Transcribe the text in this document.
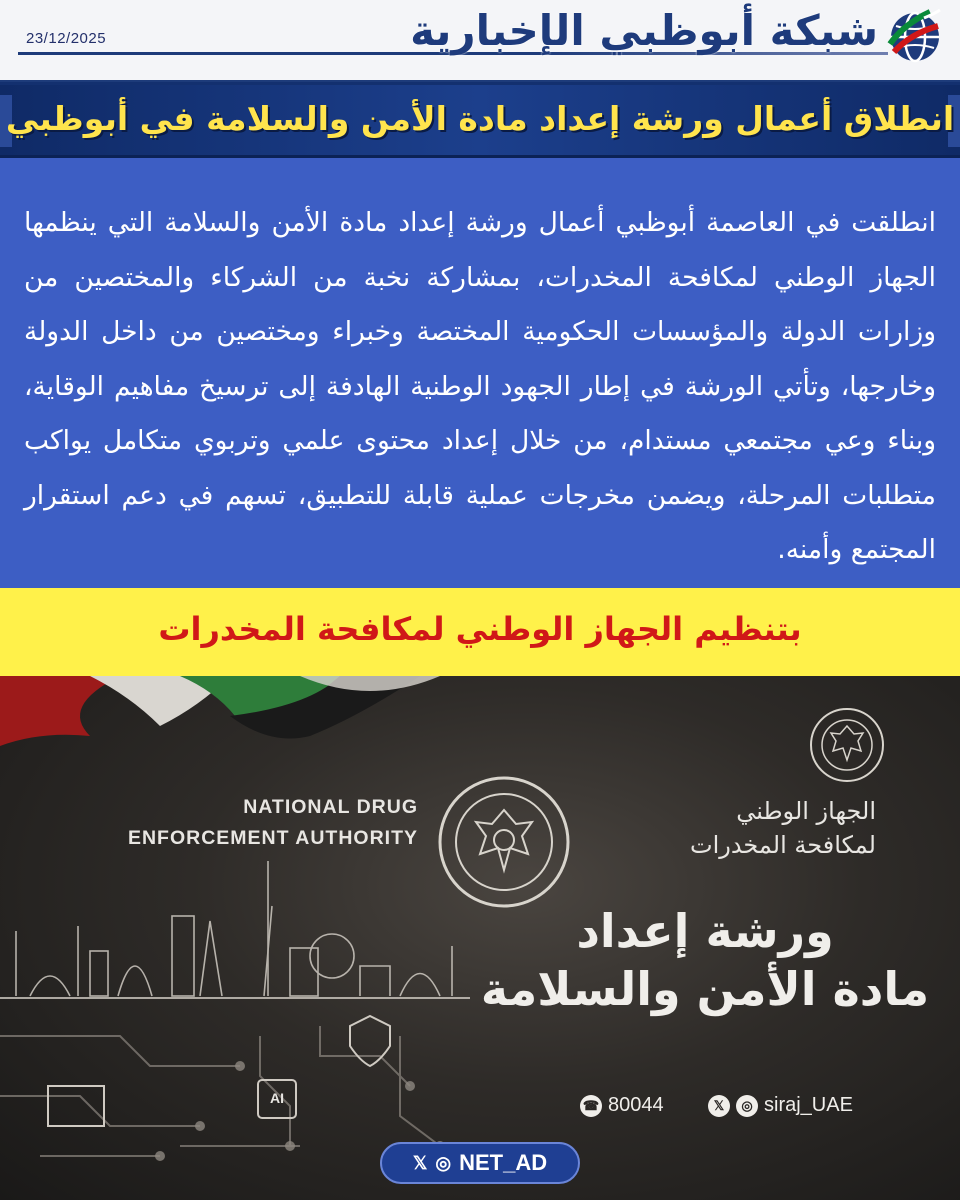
23/12/2025	شبكة أبوظبي الإخبارية
انطلاق أعمال ورشة إعداد مادة الأمن والسلامة في أبوظبي
انطلقت في العاصمة أبوظبي أعمال ورشة إعداد مادة الأمن والسلامة التي ينظمها الجهاز الوطني لمكافحة المخدرات، بمشاركة نخبة من الشركاء والمختصين من وزارات الدولة والمؤسسات الحكومية المختصة وخبراء ومختصين من داخل الدولة وخارجها، وتأتي الورشة في إطار الجهود الوطنية الهادفة إلى ترسيخ مفاهيم الوقاية، وبناء وعي مجتمعي مستدام، من خلال إعداد محتوى علمي وتربوي متكامل يواكب متطلبات المرحلة، ويضمن مخرجات عملية قابلة للتطبيق، تسهم في دعم استقرار المجتمع وأمنه.
بتنظيم الجهاز الوطني لمكافحة المخدرات
AI
NATIONAL DRUG
ENFORCEMENT AUTHORITY
الجهاز الوطني
لمكافحة المخدرات
ورشة إعداد
مادة الأمن والسلامة
☎ 80044	𝕏	◎ siraj_UAE
𝕏 ◎ NET_AD
